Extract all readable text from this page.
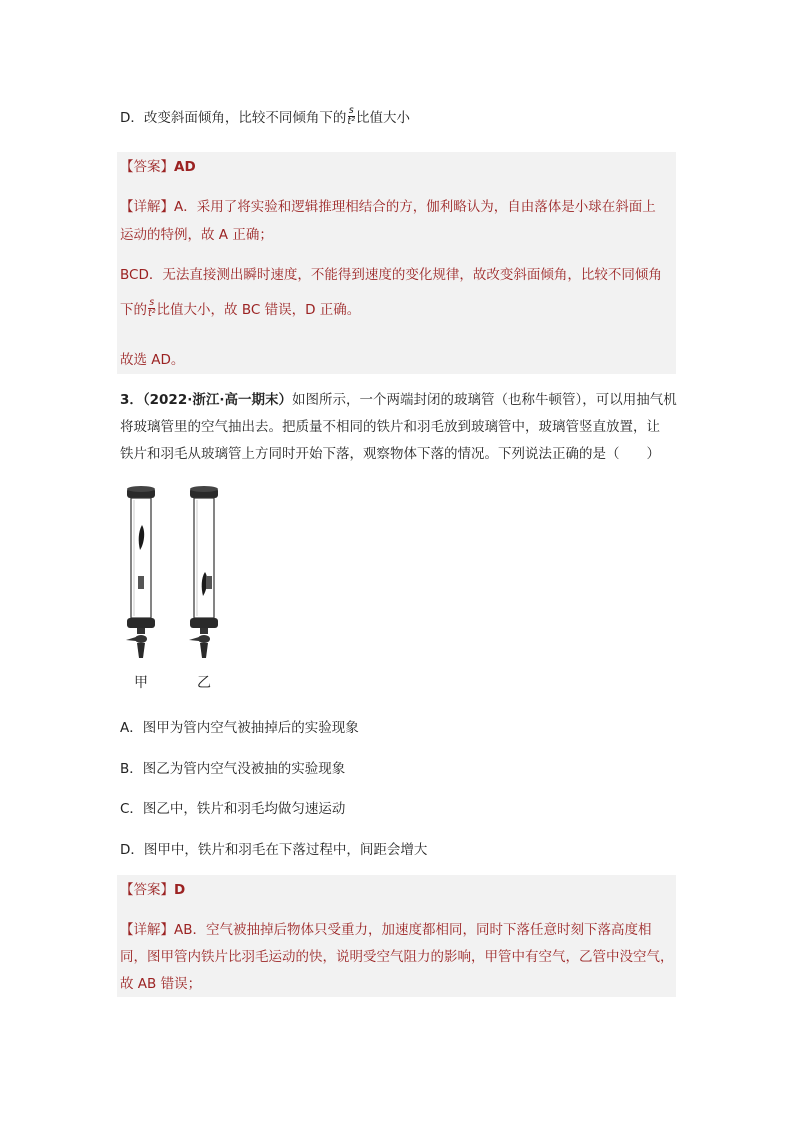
D．改变斜面倾角，比较不同倾角下的 $\frac{s}{\text{t²}}$ 比值大小
【答案】AD
【详解】A．采用了将实验和逻辑推理相结合的方，伽利略认为，自由落体是小球在斜面上
运动的特例，故 A 正确；
BCD．无法直接测出瞬时速度，不能得到速度的变化规律，故改变斜面倾角，比较不同倾角
下的 $\frac{s}{\text{t²}}$ 比值大小，故 BC 错误，D 正确。
故选 AD。
3．（2022·浙江·高一期末）如图所示，一个两端封闭的玻璃管（也称牛顿管），可以用抽气机
将玻璃管里的空气抽出去。把质量不相同的铁片和羽毛放到玻璃管中，玻璃管竖直放置，让
铁片和羽毛从玻璃管上方同时开始下落，观察物体下落的情况。下列说法正确的是（　　）
甲	乙
A．图甲为管内空气被抽掉后的实验现象
B．图乙为管内空气没被抽的实验现象
C．图乙中，铁片和羽毛均做匀速运动
D．图甲中，铁片和羽毛在下落过程中，间距会增大
【答案】D
【详解】AB．空气被抽掉后物体只受重力，加速度都相同，同时下落任意时刻下落高度相
同，图甲管内铁片比羽毛运动的快，说明受空气阻力的影响，甲管中有空气，乙管中没空气，
故 AB 错误；
